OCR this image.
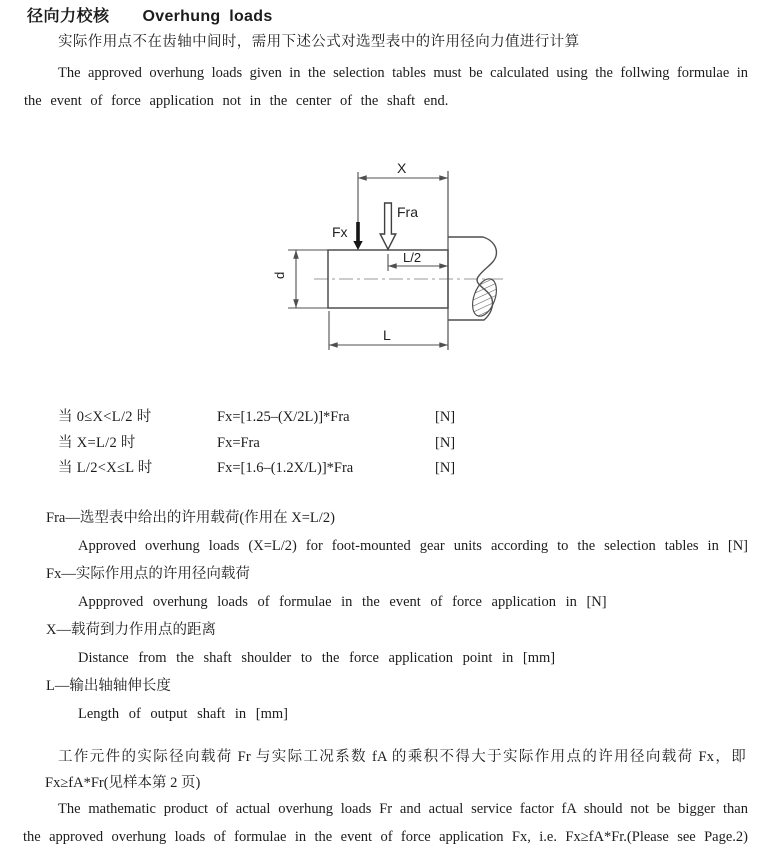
径向力校核 Overhung loads
实际作用点不在齿轴中间时，需用下述公式对选型表中的许用径向力值进行计算
The approved overhung loads given in the selection tables must be calculated using the follwing formulae in
the event of force application not in the center of the shaft end.
X
Fx
Fra
L/2
d
L
当 0≤X<L/2 时	Fx=[1.25–(X/2L)]*Fra	[N]
当 X=L/2 时	Fx=Fra	[N]
当 L/2<X≤L 时	Fx=[1.6–(1.2X/L)]*Fra	[N]
Fra—选型表中给出的许用载荷(作用在 X=L/2)
Approved overhung loads (X=L/2) for foot-mounted gear units according to the selection tables in [N]
Fx—实际作用点的许用径向载荷
Appproved overhung loads of formulae in the event of force application in [N]
X—载荷到力作用点的距离
Distance from the shaft shoulder to the force application point in [mm]
L—输出轴轴伸长度
Length of output shaft in [mm]
工作元件的实际径向载荷 Fr 与实际工况系数 fA 的乘积不得大于实际作用点的许用径向载荷 Fx，即
Fx≥fA*Fr(见样本第 2 页)
The mathematic product of actual overhung loads Fr and actual service factor fA should not be bigger than
the approved overhung loads of formulae in the event of force application Fx, i.e. Fx≥fA*Fr.(Please see Page.2)
